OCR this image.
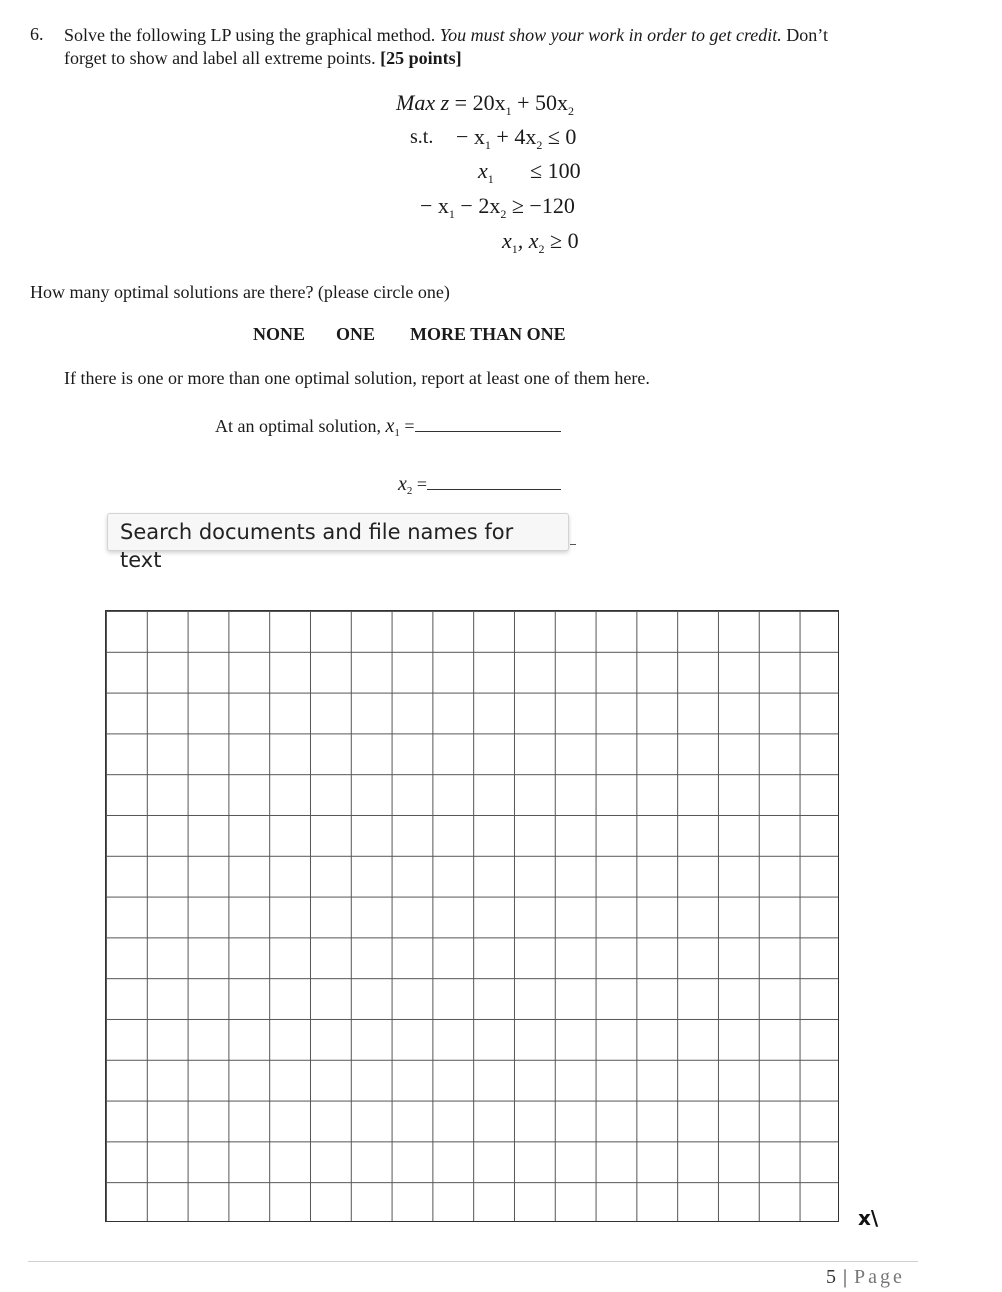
6. Solve the following LP using the graphical method. You must show your work in order to get credit. Don’t
forget to show and label all extreme points. [25 points]
Max $z = 20x_1 + 50x_2$
s.t. − $x_1 + 4x_2 \le 0$
$x_1 \le 100$
− $x_1 - 2x_2 \ge -120$
$x_1$, $x_2 \ge 0$
How many optimal solutions are there? (please circle one)
NONE ONE MORE THAN ONE
If there is one or more than one optimal solution, report at least one of them here.
At an optimal solution, $x_1$ =
$x_2$ =
Search documents and file names for text
x\
5 | Page
